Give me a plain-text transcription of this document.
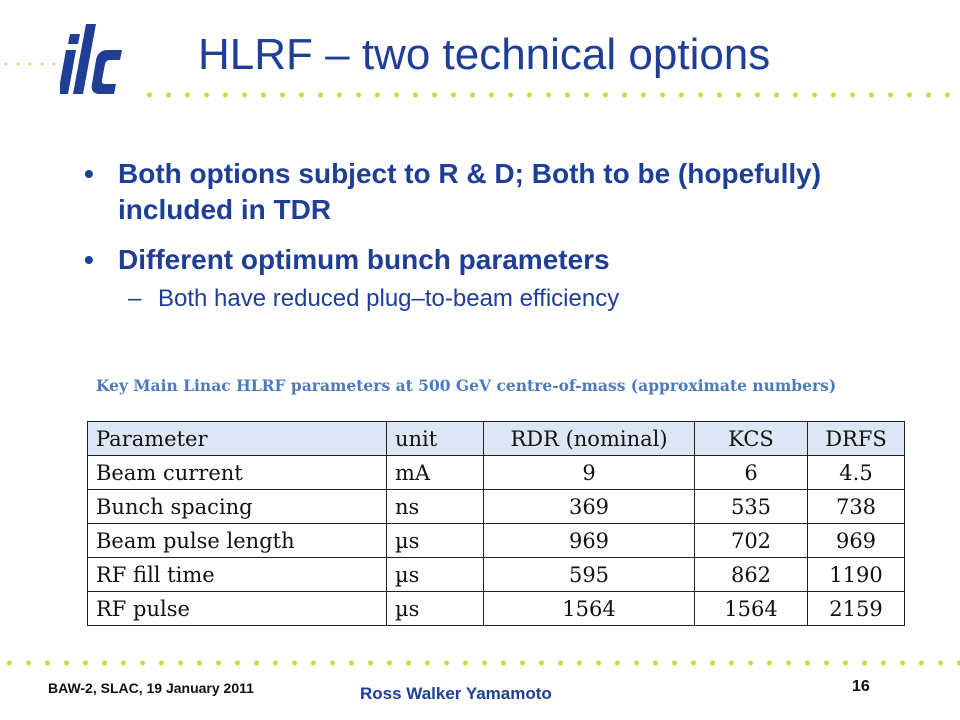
HLRF – two technical options
• Both options subject to R & D; Both to be (hopefully) included in TDR
• Different optimum bunch parameters
– Both have reduced plug–to-beam efficiency
Key Main Linac HLRF parameters at 500 GeV centre-of-mass (approximate numbers)
Parameter	unit	RDR (nominal)	KCS	DRFS
Beam current	mA	9	6	4.5
Bunch spacing	ns	369	535	738
Beam pulse length	µs	969	702	969
RF fill time	µs	595	862	1190
RF pulse	µs	1564	1564	2159
BAW-2, SLAC, 19 January 2011	Ross Walker Yamamoto	16
